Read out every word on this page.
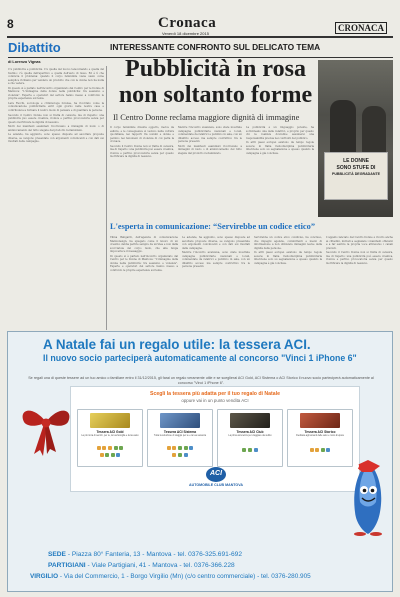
8	Cronaca
Venerdì 18 dicembre 2015
CRONACA
Dibattito	INTERESSANTE CONFRONTO SUL DELICATO TEMA
di Lorenzo Vignas	Pubblicità in rosa
non soltanto forme
Il Centro Donne reclama maggiore dignità di immagine
LE DONNE
SONO STUFE DI
PUBBLICITÀ DEGRADANTE

C'è pubblicità e pubblicità. C'è quella del nuovo telecomando e quella del fustino; c'è quella dell'aperitivo e quella dell'auto di lusso. Ed è lì che comincia il problema: quando il corpo femminile viene usato come semplice richiamo per vendere un prodotto che con le donne non ha nulla a che vedere.

Di questo si è parlato nell'incontro organizzato dal Centro per le Donne di Mantova: "L'immagine della donna nella pubblicità: tra sessismo e violenza". Esperte e operatori del settore hanno messo a confronto le proprie esperienze sul tema.

Lara Facchi, sociologa e criminologa forense, ha ricordato come la comunicazione pubblicitaria entri ogni giorno nelle nostre case e contribuisca a formare il nostro modo di pensare e di guardare le persone.

Secondo il Centro Donne non si tratta di censura, ma di rispetto: una pubblicità può essere creativa, ironica e perfino provocatoria senza per questo mortificare la dignità di nessuno.

Molti dei manifesti esaminati ricorrevano a immagini di nudo o di ammiccamento del tutto slegate dal prodotto reclamizzato.

Le aziende, ha aggiunto, sono spesso disposte ad ascoltare proposte diverse, se vengono presentate con argomenti convincenti e con dati sui risultati delle campagne.

Il corpo femminile diventa oggetto, merce da esibire, e le conseguenze si vedono nella cultura quotidiana, nei rapporti tra uomini e donne e persino nei fenomeni di violenza di cui parla la cronaca.

Secondo il Centro Donne non si tratta di censura, ma di rispetto: una pubblicità può essere creativa, ironica e perfino provocatoria senza per questo mortificare la dignità di nessuno.

Mentre l'incontro avanzava, sono state mostrate campagne pubblicitarie nazionali e locali, commentate da relatrici e pubblico in sala, con un dibattito acceso ma sempre costruttivo tra le persone presenti.

Molti dei manifesti esaminati ricorrevano a immagini di nudo o di ammiccamento del tutto slegate dal prodotto reclamizzato.

La pubblicità è un linguaggio potente, ha sottolineato una delle relatrici, e proprio per questo chi la realizza dovrebbe assumersi una responsabilità precisa nei confronti del pubblico.

In altri paesi europei esistono da tempo regole severe; in Italia l'autodisciplina pubblicitaria interviene solo su segnalazione e spesso quando la campagna è già conclusa.

L'esperta in comunicazione: “Servirebbe un codice etico”

Vilma Baligardi, dell'agenzia di comunicazione Mantodesign, ha spiegato come il lavoro di un creativo debba partire sempre da un'idea e non dalla scorciatoia del corpo nudo, che alla lunga impoverisce il messaggio.

Di questo si è parlato nell'incontro organizzato dal Centro per le Donne di Mantova: "L'immagine della donna nella pubblicità: tra sessismo e violenza". Esperte e operatori del settore hanno messo a confronto le proprie esperienze sul tema.

Le aziende, ha aggiunto, sono spesso disposte ad ascoltare proposte diverse, se vengono presentate con argomenti convincenti e con dati sui risultati delle campagne.

Mentre l'incontro avanzava, sono state mostrate campagne pubblicitarie nazionali e locali, commentate da relatrici e pubblico in sala, con un dibattito acceso ma sempre costruttivo tra le persone presenti.

Servirebbe un codice etico condiviso, ha concluso, che impegni agenzie, committenti e mezzi di informazione a non utilizzare immagini lesive della dignità delle persone.

In altri paesi europei esistono da tempo regole severe; in Italia l'autodisciplina pubblicitaria interviene solo su segnalazione e spesso quando la campagna è già conclusa.

L'appello lanciato dal Centro Donne è rivolto anche ai cittadini, invitati a segnalare i manifesti offensivi e a far sentire la propria voce attraverso i canali previsti.

Secondo il Centro Donne non si tratta di censura, ma di rispetto: una pubblicità può essere creativa, ironica e perfino provocatoria senza per questo mortificare la dignità di nessuno.

A Natale fai un regalo utile: la tessera ACI.
Il nuovo socio parteciperà automaticamente al concorso "Vinci 1 iPhone 6"
Se regali una di queste tessere ad un tuo amico o familiare entro il 31/12/2015, gli farai un regalo veramente utile e se sceglierai ACI Gold, ACI Sistema o ACI Storico il nuovo socio parteciperà automaticamente al concorso "Vinci 1 iPhone 6".
Scegli la tessera più adatta per il tuo regalo di Natale
oppure vai in un punto vendita ACI
Tessera ACI Gold
La più ricca di servizi, per te, la tua famiglia e la tua auto
Tessera ACI Sistema
Tutta la soluzione di viaggio per te e la tua vacanza
Tessera ACI Club
La prima sicurezza per viaggiare da subito
Tessera ACI Storico
Dedicata agli amanti delle auto e moto d'epoca
ACI
AUTOMOBILE CLUB MANTOVA
SEDE - Piazza 80° Fanteria, 13 - Mantova - tel. 0376-325.691-692
PARTIGIANI - Viale Partigiani, 41 - Mantova - tel. 0376-366.228
VIRGILIO - Via del Commercio, 1 - Borgo Virgilio (Mn) (c/o centro commerciale) - tel. 0376-280.905
